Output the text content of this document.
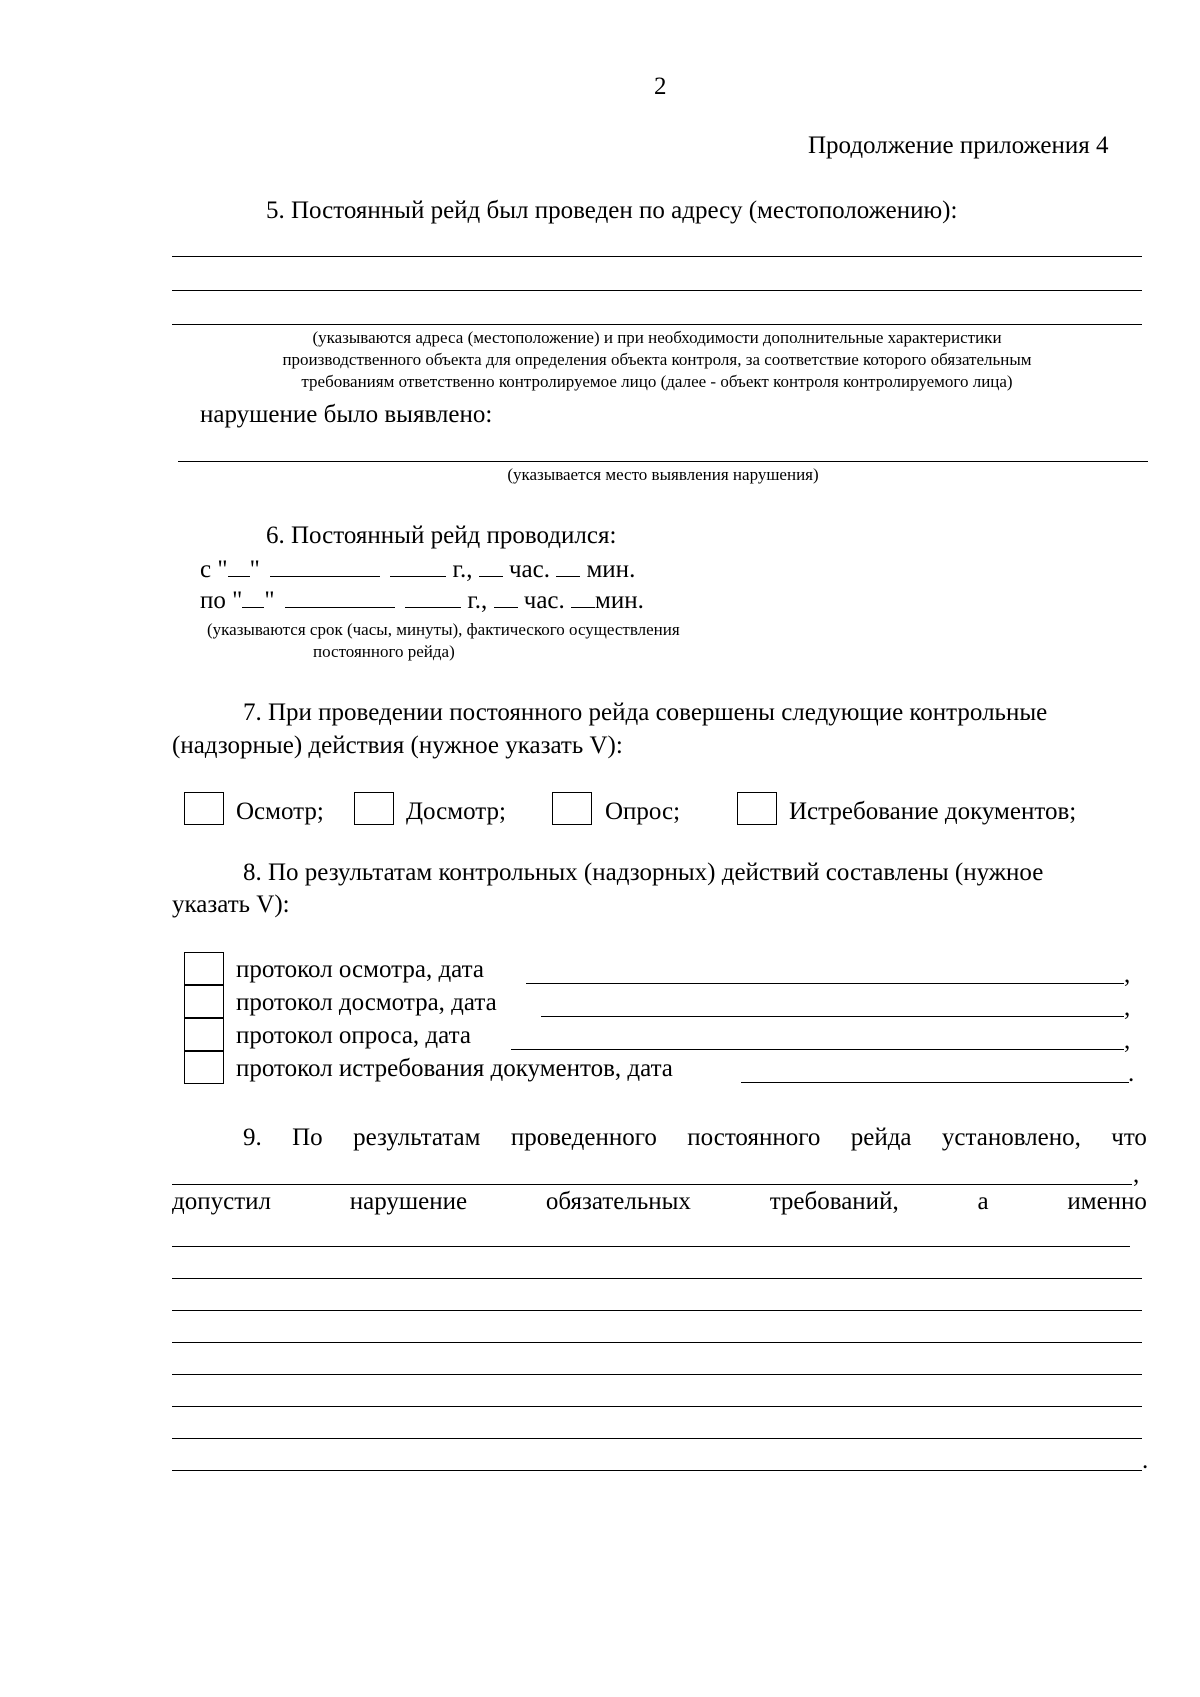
2
Продолжение приложения 4
5. Постоянный рейд был проведен по адресу (местоположению):
(указываются адреса (местоположение) и при необходимости дополнительные характеристики
производственного объекта для определения объекта контроля, за соответствие которого обязательным
требованиям ответственно контролируемое лицо (далее - объект контроля контролируемого лица)
нарушение было выявлено:
(указывается место выявления нарушения)
6. Постоянный рейд проводился:
с " "	г., час. мин.
по " "	г., час. мин.
(указываются срок (часы, минуты), фактического осуществления
постоянного рейда)
7. При проведении постоянного рейда совершены следующие контрольные
(надзорные) действия (нужное указать V):
Осмотр;	Досмотр;	Опрос;	Истребование документов;
8. По результатам контрольных (надзорных) действий составлены (нужное
указать V):
протокол осмотра, дата	,
протокол досмотра, дата	,
протокол опроса, дата	,
протокол истребования документов, дата	.
9. По результатам проведенного постоянного рейда установлено, что
,
допустил	нарушение	обязательных	требований,	а	именно
.
